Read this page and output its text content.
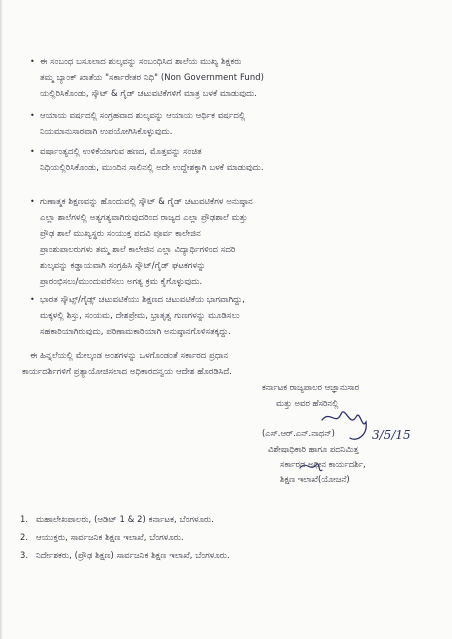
• ಈ ಸಂಬಂಧ ಬಸೂಲಾದ ಶುಲ್ಕವನ್ನು ಸಂಬಂಧಿಸಿದ ಶಾಲೆಯ ಮುಖ್ಯ ಶಿಕ್ಷಕರು
ತಮ್ಮ ಬ್ಯಾಂಕ್ ಖಾತೆಯ "ಸರ್ಕಾರೇತರ ನಿಧಿ" (Non Government Fund)
ಯಲ್ಲಿರಿಸಿಕೊಂಡು, ಸ್ಕೌಟ್ & ಗೈಡ್ ಚಟುವಟಿಕೆಗಳಿಗೆ ಮಾತ್ರ ಬಳಕೆ ಮಾಡುವುದು.
• ಆಯಾಯ ವರ್ಷದಲ್ಲಿ ಸಂಗ್ರಹವಾದ ಶುಲ್ಕವನ್ನು ಆಯಾಯ ಆರ್ಥಿಕ ವರ್ಷದಲ್ಲಿ
ನಿಯಮಾನುಸಾರವಾಗಿ ಉಪಯೋಗಿಸಿಕೊಳ್ಳುವುದು.
• ವರ್ಷಾಂತ್ಯದಲ್ಲಿ ಉಳಿಕೆಯಾಗುವ ಹಣದ, ಮೊತ್ತವನ್ನು ಸಂಚಿತ
ನಿಧಿಯಲ್ಲಿರಿಸಿಕೊಂಡು, ಮುಂದಿನ ಸಾಲಿನಲ್ಲಿ ಅದೇ ಉದ್ದೇಶಕ್ಕಾಗಿ ಬಳಕೆ ಮಾಡುವುದು.
• ಗುಣಾತ್ಮಕ ಶಿಕ್ಷಣವನ್ನು ಹೊಂದುವಲ್ಲಿ ಸ್ಕೌಟ್ & ಗೈಡ್ ಚಟುವಟಿಕೆಗಳ ಅನುಷ್ಠಾನ
ಎಲ್ಲಾ ಶಾಲೆಗಳಲ್ಲಿ ಅತ್ಯಗತ್ಯವಾಗಿರುವುದರಿಂದ ರಾಜ್ಯದ ಎಲ್ಲಾ ಪ್ರೌಢಶಾಲೆ ಮತ್ತು
ಪ್ರೌಢ ಶಾಲೆ ಮುಖ್ಯಸ್ಥರು ಸಂಯುಕ್ತ ಪದವಿ ಪೂರ್ವ ಕಾಲೇಜಿನ
ಪ್ರಾಂಶುಪಾಲರುಗಳು ತಮ್ಮ ಶಾಲೆ ಕಾಲೇಜಿನ ಎಲ್ಲಾ ವಿದ್ಯಾರ್ಥಿಗಳಿಂದ ಸದರಿ
ಶುಲ್ಕವನ್ನು ಕಡ್ಡಾಯವಾಗಿ ಸಂಗ್ರಹಿಸಿ ಸ್ಕೌಟ್/ಗೈಡ್ ಘಟಕಗಳನ್ನು
ಪ್ರಾರಂಭಿಸಲು/ಮುಂದುವರೆಸಲು ಅಗತ್ಯ ಕ್ರಮ ಕೈಗೊಳ್ಳುವುದು.
• ಭಾರತ ಸ್ಕೌಟ್ಸ್/ಗೈಡ್ಸ್ ಚಟುವಟಿಕೆಯು ಶಿಕ್ಷಣದ ಚಟುವಟಿಕೆಯ ಭಾಗವಾಗಿದ್ದು,
ಮಕ್ಕಳಲ್ಲಿ ಶಿಸ್ತು, ಸಂಯಮ, ದೇಶಪ್ರೇಮ, ಭ್ರಾತೃತ್ವ ಗುಣಗಳನ್ನು ಮೂಡಿಸಲು
ಸಹಕಾರಿಯಾಗಿರುವುದು, ಪರಿಣಾಮಕಾರಿಯಾಗಿ ಅನುಷ್ಠಾನಗೊಳಿಸತಕ್ಕದ್ದು.
ಈ ಹಿನ್ನಲೆಯಲ್ಲಿ ಮೇಲ್ಕಂಡ ಅಂಶಗಳನ್ನು ಒಳಗೊಂಡಂತೆ ಸರ್ಕಾರದ ಪ್ರಧಾನ
ಕಾರ್ಯದರ್ಶಿಗಳಿಗೆ ಪ್ರತ್ಯಾಯೋಜಿಸಲಾದ ಅಧಿಕಾರದನ್ವಯ ಆದೇಶ ಹೊರಡಿಸಿದೆ.
ಕರ್ನಾಟಕ ರಾಜ್ಯಪಾಲರ ಆಜ್ಞಾನುಸಾರ
ಮತ್ತು ಅವರ ಹೆಸರಿನಲ್ಲಿ
(ಎಸ್.ಆರ್.ಎನ್.ನಾಥನ್)	3/5/15
ವಿಶೇಷಾಧಿಕಾರಿ ಹಾಗೂ ಪದನಿಮಿತ್ತ
ಸರ್ಕಾರದ ಅಧೀನ ಕಾರ್ಯದರ್ಶಿ,
ಶಿಕ್ಷಣ ಇಲಾಖೆ(ಯೋಜನೆ)
1. ಮಹಾಲೇಖಪಾಲರು, (ಆಡಿಟ್ 1 & 2) ಕರ್ನಾಟಕ, ಬೆಂಗಳೂರು.
2. ಆಯುಕ್ತರು, ಸಾರ್ವಜನಿಕ ಶಿಕ್ಷಣ ಇಲಾಖೆ, ಬೆಂಗಳೂರು.
3. ನಿರ್ದೇಶಕರು, (ಪ್ರೌಢ ಶಿಕ್ಷಣ) ಸಾರ್ವಜನಿಕ ಶಿಕ್ಷಣ ಇಲಾಖೆ, ಬೆಂಗಳೂರು.
